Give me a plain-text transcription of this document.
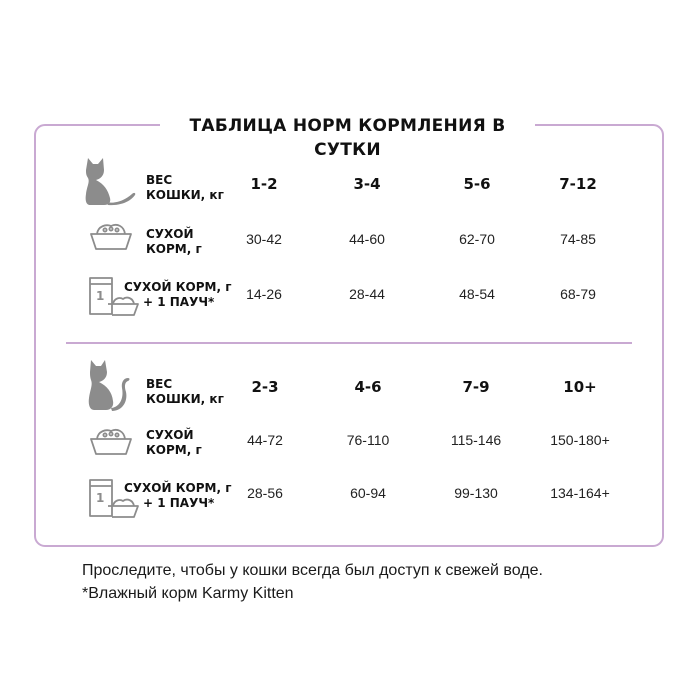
ТАБЛИЦА НОРМ КОРМЛЕНИЯ В СУТКИ
ВЕС
КОШКИ, кг
1-2	3-4	5-6	7-12
СУХОЙ
КОРМ, г
30-42	44-60	62-70	74-85
1
СУХОЙ КОРМ, г
+ 1 ПАУЧ*	14-26	28-44	48-54	68-79
ВЕС
КОШКИ, кг
2-3	4-6	7-9	10+
СУХОЙ
КОРМ, г
44-72	76-110	115-146	150-180+
1
СУХОЙ КОРМ, г
+ 1 ПАУЧ*
28-56	60-94	99-130	134-164+
Проследите, чтобы у кошки всегда был доступ к свежей воде.
*Влажный корм Karmy Kitten
